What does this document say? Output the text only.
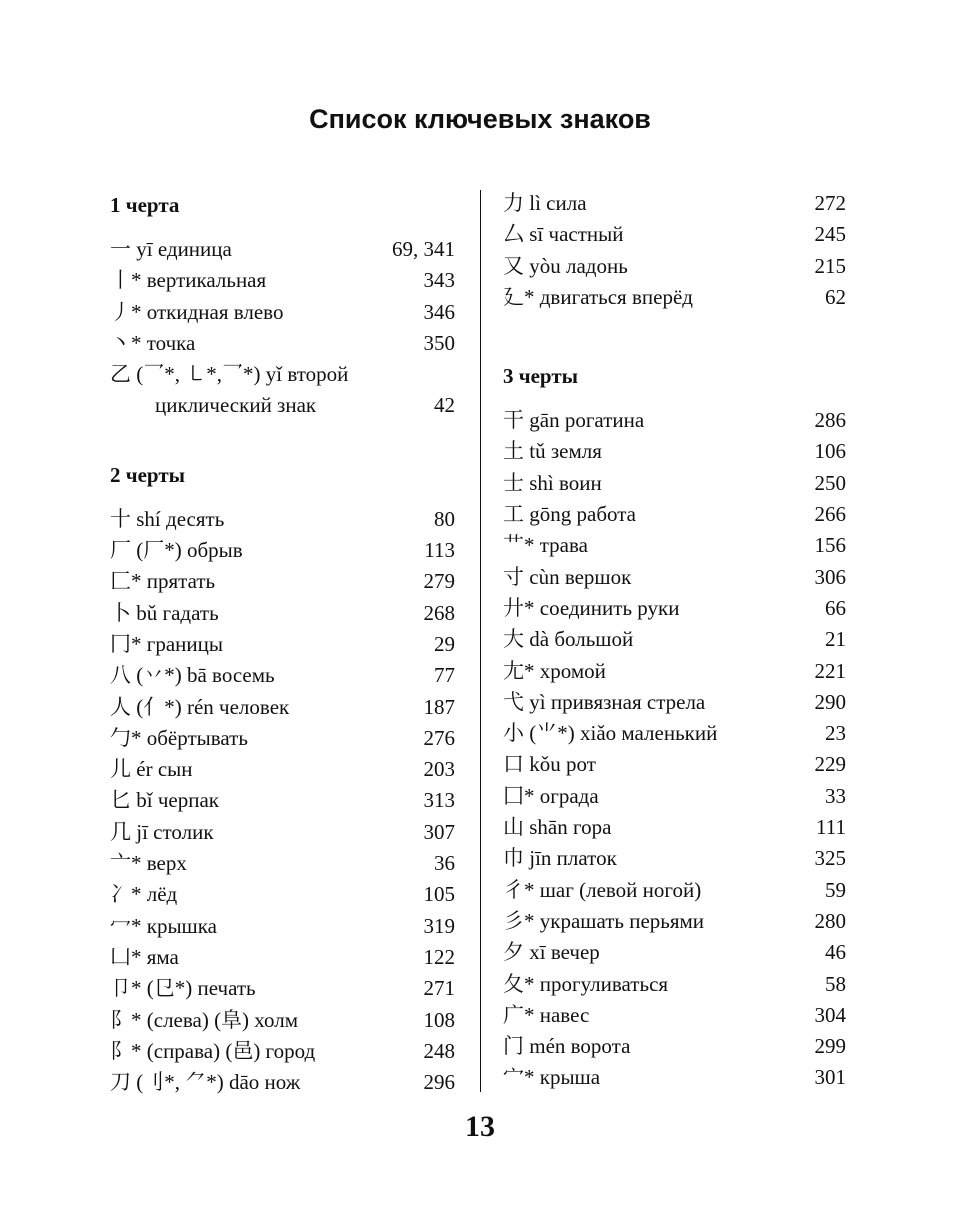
Список ключевых знаков
1 черта
一 yī единица	69, 341
丨* вертикальная	343
丿* откидная влево	346
丶* точка	350
乙 (乛*, ㇄*,乛*) yǐ второй
циклический знак	42
2 черты
十 shí десять	80
厂 (厂*) обрыв	113
匚* прятать	279
卜 bǔ гадать	268
冂* границы	29
八 (丷*) bā восемь	77
人 (亻*) rén человек	187
勹* обёртывать	276
儿 ér сын	203
匕 bǐ черпак	313
几 jī столик	307
亠* верх	36
冫* лёд	105
冖* крышка	319
凵* яма	122
卩* (㔾*) печать	271
阝* (слева) (阜) холм	108
阝* (справа) (邑) город	248
刀 (刂*, ⺈*) dāo нож	296
力 lì сила	272
厶 sī частный	245
又 yòu ладонь	215
廴* двигаться вперёд	62
3 черты
干 gān рогатина	286
土 tǔ земля	106
士 shì воин	250
工 gōng работа	266
艹* трава	156
寸 cùn вершок	306
廾* соединить руки	66
大 dà большой	21
尢* хромой	221
弋 yì привязная стрела	290
小 (⺌*) xiǎo маленький	23
口 kǒu рот	229
囗* ограда	33
山 shān гора	111
巾 jīn платок	325
彳* шаг (левой ногой)	59
彡* украшать перьями	280
夕 xī вечер	46
夂* прогуливаться	58
广* навес	304
门 mén ворота	299
宀* крыша	301
13
